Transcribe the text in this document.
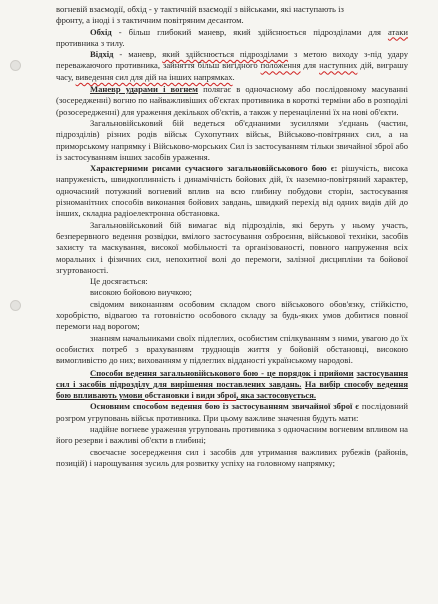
вогневій взаємодії, обхід - у тактичній взаємодії з військами, які наступають із
фронту, а іноді і з тактичним повітряним десантом.

Обхід - більш глибокий маневр, який здійснюється підрозділами для атаки противника з тилу.

Відхід - маневр, який здійснюється підрозділами з метою виходу з-під удару переважаючого противника, зайняття більш вигідного положення для наступних дій, виграшу часу, виведення сил для дій на інших напрямках.

Маневр ударами і вогнем полягає в одночасному або послідовному масуванні (зосередженні) вогню по найважливіших об'єктах противника в короткі терміни або в розподілі (розосередженні) для ураження декількох об'єктів, а також у перенаціленні їх на нові об'єкти.

Загальновійськовий бій ведеться об'єднаними зусиллями з'єднань (частин, підрозділів) різних родів військ Сухопутних військ, Військово-повітряних сил, а на приморському напрямку і Військово-морських Сил із застосуванням тільки звичайної зброї або із застосуванням інших засобів ураження.

Характерними рисами сучасного загальновійськового бою є: рішучість, висока напруженість, швидкоплинність і динамічність бойових дій, їх наземно-повітряний характер, одночасний потужний вогневий вплив на всю глибину побудови сторін, застосування різноманітних способів виконання бойових завдань, швидкий перехід від одних видів дій до інших, складна радіоелектронна обстановка.

Загальновійськовий бій вимагає від підрозділів, які беруть у ньому участь, безперервного ведення розвідки, вмілого застосування озброєння, військової техніки, засобів захисту та маскування, високої мобільності та організованості, повного напруження всіх моральних і фізичних сил, непохитної волі до перемоги, залізної дисципліни та бойової згуртованості.

Це досягається:

високою бойовою виучкою;

свідомим виконанням особовим складом свого військового обов'язку, стійкістю, хоробрістю, відвагою та готовністю особового складу за будь-яких умов добитися повної перемоги над ворогом;

знанням начальниками своїх підлеглих, особистим спілкуванням з ними, увагою до їх особистих потреб з врахуванням труднощів життя у бойовій обстановці, високою вимогливістю до них; вихованням у підлеглих відданості українському народові.

Способи ведення загальновійськового бою - це порядок і прийоми застосування сил і засобів підрозділу для вирішення поставлених завдань. На вибір способу ведення бою впливають умови обстановки і види зброї, яка застосовується.

Основним способом ведення бою із застосуванням звичайної зброї є послідовний розгром угруповань військ противника. При цьому важливе значення будуть мати:

надійне вогневе ураження угруповань противника з одночасним вогневим впливом на його резерви і важливі об'єкти в глибині;

своєчасне зосередження сил і засобів для утримання важливих рубежів (районів, позицій) і нарощування зусиль для розвитку успіху на головному напрямку;
